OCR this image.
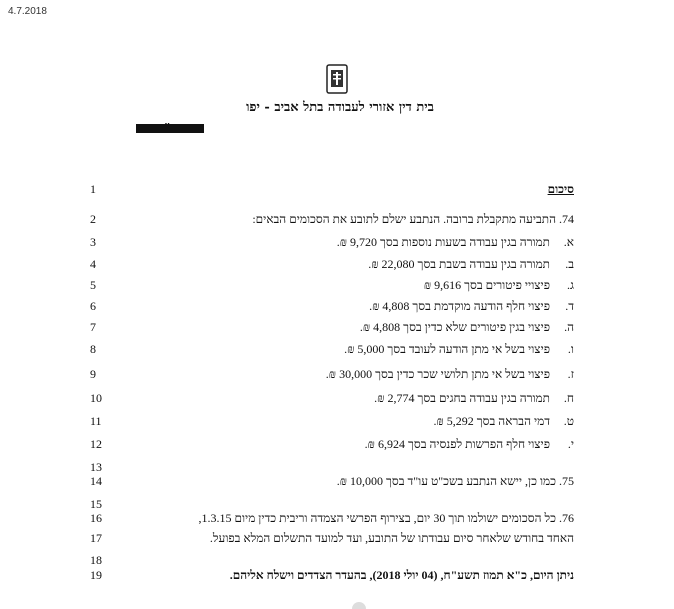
4.7.2018
בית דין אזורי לעבודה בתל אביב - יפו
1
2
3
4
5
6
7
8
9
10
11
12
13
14
15
16
17
18
19
סיכום
74. התביעה מתקבלת ברובה. הנתבע ישלם לתובע את הסכומים הבאים:
א.תמורה בגין עבודה בשעות נוספות בסך 9,720 ₪.
ב.תמורה בגין עבודה בשבת בסך 22,080 ₪.
ג.פיצויי פיטורים בסך 9,616 ₪
ד.פיצוי חלף הודעה מוקדמת בסך 4,808 ₪.
ה.פיצוי בגין פיטורים שלא כדין בסך 4,808 ₪.
ו.פיצוי בשל אי מתן הודעה לעובד בסך 5,000 ₪.
ז.פיצוי בשל אי מתן תלושי שכר כדין בסך 30,000 ₪.
ח.תמורה בגין עבודה בחגים בסך 2,774 ₪.
ט.דמי הבראה בסך 5,292 ₪.
י.פיצוי חלף הפרשות לפנסיה בסך 6,924 ₪.
75. כמו כן, יישא הנתבע בשכ"ט עו"ד בסך 10,000 ₪.
76. כל הסכומים ישולמו תוך 30 יום, בצירוף הפרשי הצמדה וריבית כדין מיום 1.3.15,
האחד בחודש שלאחר סיום עבודתו של התובע, ועד למועד התשלום המלא בפועל.
ניתן היום, כ"א תמוז תשע"ח, (04 יולי 2018), בהעדר הצדדים וישלח אליהם.
